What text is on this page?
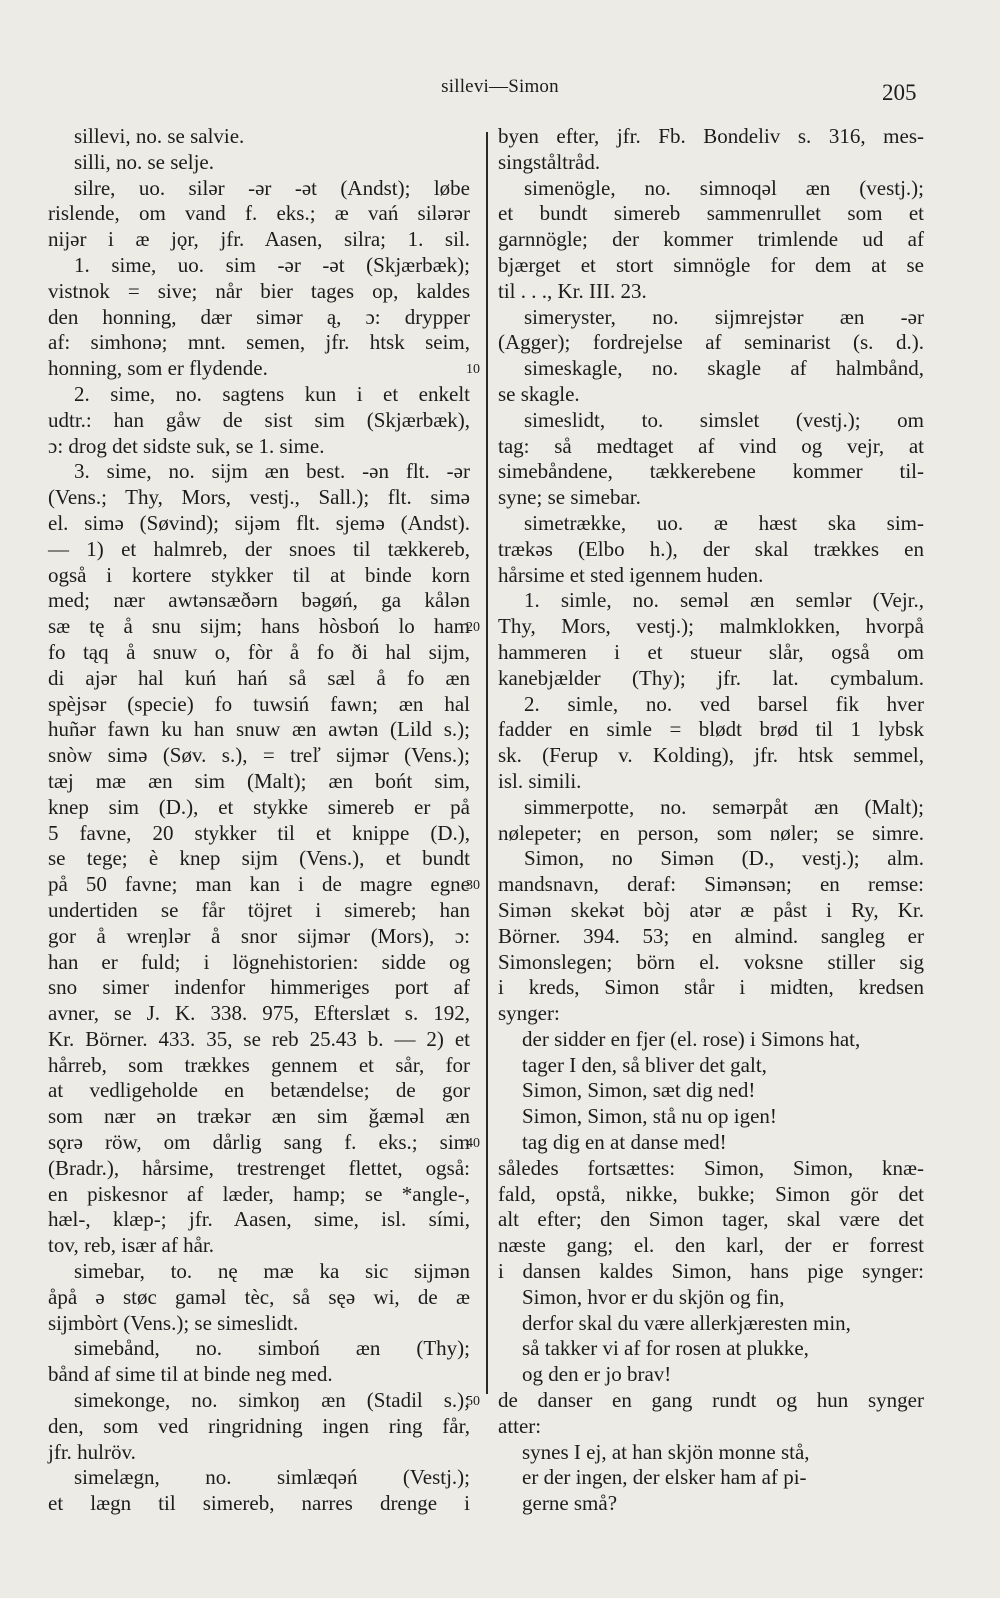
sillevi—Simon	205
sillevi, no. se salvie.
silli, no. se selje.
silre, uo. silər -ər -ət (Andst); løbe
rislende, om vand f. eks.; æ vań silərər
nijər i æ jǫr, jfr. Aasen, silra; 1. sil.
1. sime, uo. sim -ər -ət (Skjærbæk);
vistnok = sive; når bier tages op, kaldes
den honning, dær simər ą, ɔ: drypper
af: simhonə; mnt. semen, jfr. htsk seim,
honning, som er flydende.
2. sime, no. sagtens kun i et enkelt
udtr.: han gåw de sist sim (Skjærbæk),
ɔ: drog det sidste suk, se 1. sime.
3. sime, no. sijm æn best. -ən flt. -ər
(Vens.; Thy, Mors, vestj., Sall.); flt. simə
el. simə (Søvind); sijəm flt. sjemə (Andst).
— 1) et halmreb, der snoes til tækkereb,
også i kortere stykker til at binde korn
med; nær awtənsæðərn bəgøń, ga kålən
sæ tę å snu sijm; hans hòsboń lo ham
fo tąq å snuw o, fòr å fo ði hal sijm,
di ajər hal kuń hań så sæl å fo æn
spèjsər (specie) fo tuwsiń fawn; æn hal
huñər fawn ku han snuw æn awtən (Lild s.);
snòw simə (Søv. s.), = treľ sijmər (Vens.);
tæj mæ æn sim (Malt); æn bońt sim,
knep sim (D.), et stykke simereb er på
5 favne, 20 stykker til et knippe (D.),
se tege; è knep sijm (Vens.), et bundt
på 50 favne; man kan i de magre egne
undertiden se får töjret i simereb; han
gor å wreŋlər å snor sijmər (Mors), ɔ:
han er fuld; i lögnehistorien: sidde og
sno simer indenfor himmeriges port af
avner, se J. K. 338. 975, Efterslæt s. 192,
Kr. Börner. 433. 35, se reb 25.43 b. — 2) et
hårreb, som trækkes gennem et sår, for
at vedligeholde en betændelse; de gor
som nær ən trækər æn sim ǧæməl æn
sǫrə röw, om dårlig sang f. eks.; sim
(Bradr.), hårsime, trestrenget flettet, også:
en piskesnor af læder, hamp; se *angle-,
hæl-, klæp-; jfr. Aasen, sime, isl. sími,
tov, reb, især af hår.
simebar, to. nę mæ ka sic sijmən
åpå ə støc gaməl tèc, så sęə wi, de æ
sijmbòrt (Vens.); se simeslidt.
simebånd, no. simboń æn (Thy);
bånd af sime til at binde neg med.
simekonge, no. simkoŋ æn (Stadil s.);
den, som ved ringridning ingen ring får,
jfr. hulröv.
simelægn, no. simlæqəń (Vestj.);
et lægn til simereb, narres drenge i
byen efter, jfr. Fb. Bondeliv s. 316, mes-
singståltråd.
simenögle, no. simnoqəl æn (vestj.);
et bundt simereb sammenrullet som et
garnnögle; der kommer trimlende ud af
bjærget et stort simnögle for dem at se
til . . ., Kr. III. 23.
simeryster, no. sijmrejstər æn -ər
(Agger); fordrejelse af seminarist (s. d.).
simeskagle, no. skagle af halmbånd,
se skagle.
simeslidt, to. simslet (vestj.); om
tag: så medtaget af vind og vejr, at
simebåndene, tækkerebene kommer til-
syne; se simebar.
simetrække, uo. æ hæst ska sim-
trækəs (Elbo h.), der skal trækkes en
hårsime et sted igennem huden.
1. simle, no. seməl æn semlər (Vejr.,
Thy, Mors, vestj.); malmklokken, hvorpå
hammeren i et stueur slår, også om
kanebjælder (Thy); jfr. lat. cymbalum.
2. simle, no. ved barsel fik hver
fadder en simle = blødt brød til 1 lybsk
sk. (Ferup v. Kolding), jfr. htsk semmel,
isl. simili.
simmerpotte, no. semərpåt æn (Malt);
nølepeter; en person, som nøler; se simre.
Simon, no Simən (D., vestj.); alm.
mandsnavn, deraf: Simənsən; en remse:
Simən skekət bòj atər æ påst i Ry, Kr.
Börner. 394. 53; en almind. sangleg er
Simonslegen; börn el. voksne stiller sig
i kreds, Simon står i midten, kredsen
synger:
der sidder en fjer (el. rose) i Simons hat,
tager I den, så bliver det galt,
Simon, Simon, sæt dig ned!
Simon, Simon, stå nu op igen!
tag dig en at danse med!
således fortsættes: Simon, Simon, knæ-
fald, opstå, nikke, bukke; Simon gör det
alt efter; den Simon tager, skal være det
næste gang; el. den karl, der er forrest
i dansen kaldes Simon, hans pige synger:
Simon, hvor er du skjön og fin,
derfor skal du være allerkjæresten min,
så takker vi af for rosen at plukke,
og den er jo brav!
de danser en gang rundt og hun synger
atter:
synes I ej, at han skjön monne stå,
er der ingen, der elsker ham af pi-
gerne små?
10
20
30
40
50
